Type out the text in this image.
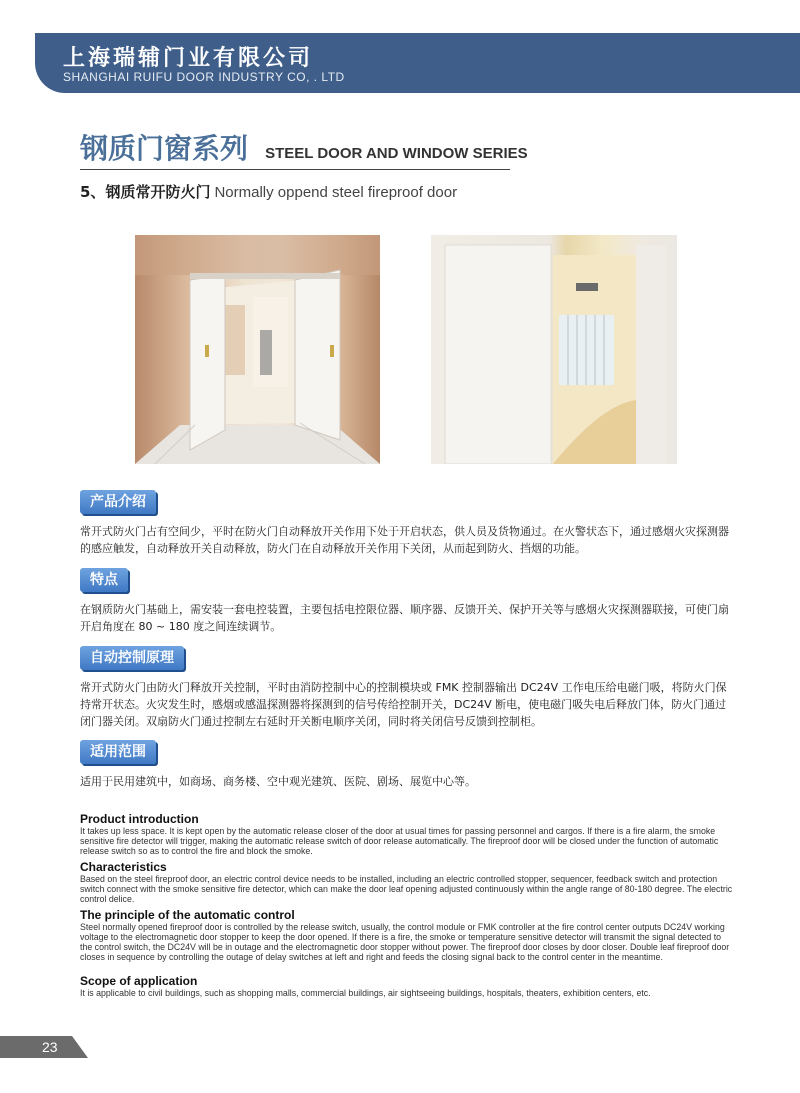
上海瑞辅门业有限公司
SHANGHAI RUIFU DOOR INDUSTRY CO, . LTD
钢质门窗系列 STEEL DOOR AND WINDOW SERIES
5、钢质常开防火门 Normally oppend steel fireproof door
产品介绍
常开式防火门占有空间少，平时在防火门自动释放开关作用下处于开启状态，供人员及货物通过。在火警状态下，通过感烟火灾探测器的感应触发，自动释放开关自动释放，防火门在自动释放开关作用下关闭，从而起到防火、挡烟的功能。
特点
在钢质防火门基础上，需安装一套电控装置，主要包括电控限位器、顺序器、反馈开关、保护开关等与感烟火灾探测器联接，可使门扇开启角度在 80 ~ 180 度之间连续调节。
自动控制原理
常开式防火门由防火门释放开关控制，平时由消防控制中心的控制模块或 FMK 控制器输出 DC24V 工作电压给电磁门吸，将防火门保持常开状态。火灾发生时，感烟或感温探测器将探测到的信号传给控制开关，DC24V 断电，使电磁门吸失电后释放门体，防火门通过闭门器关闭。双扇防火门通过控制左右延时开关断电顺序关闭，同时将关闭信号反馈到控制柜。
适用范围
适用于民用建筑中，如商场、商务楼、空中观光建筑、医院、剧场、展览中心等。
Product introduction

It takes up less space. It is kept open by the automatic release closer of the door at usual times for passing personnel and cargos. If there is a fire alarm, the smoke sensitive fire detector will trigger, making the automatic release switch of door release automatically. The fireproof door will be closed under the function of automatic release switch so as to control the fire and block the smoke.

Characteristics

Based on the steel fireproof door, an electric control device needs to be installed, including an electric controlled stopper, sequencer, feedback switch and protection switch connect with the smoke sensitive fire detector, which can make the door leaf opening adjusted continuously within the angle range of 80-180 degree. The electric control delice.

The principle of the automatic control

Steel normally opened fireproof door is controlled by the release switch, usually, the control module or FMK controller at the fire control center outputs DC24V working voltage to the electromagnetic door stopper to keep the door opened. If there is a fire, the smoke or temperature sensitive detector will transmit the signal detected to the control switch, the DC24V will be in outage and the electromagnetic door stopper without power. The fireproof door closes by door closer. Double leaf fireproof door closes in sequence by controlling the outage of delay switches at left and right and feeds the closing signal back to the control center in the meantime.

Scope of application

It is applicable to civil buildings, such as shopping malls, commercial buildings, air sightseeing buildings, hospitals, theaters, exhibition centers, etc.

23
